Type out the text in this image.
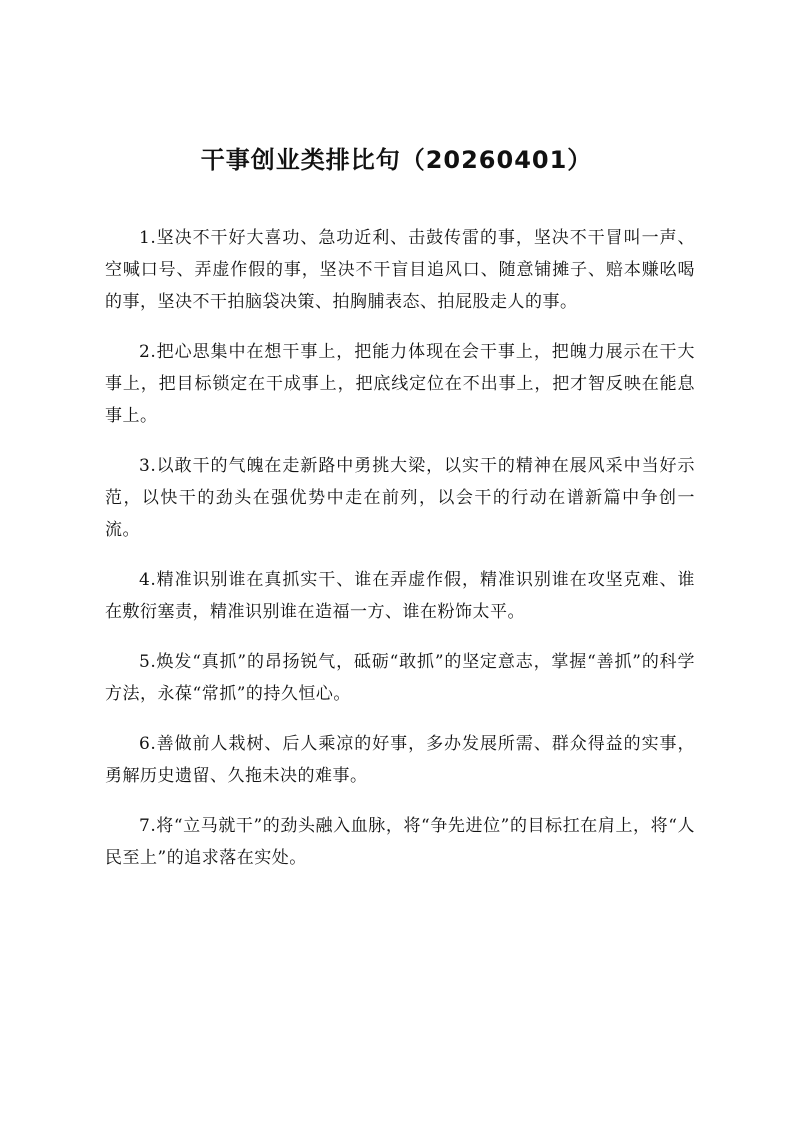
干事创业类排比句（20260401）

1.坚决不干好大喜功、急功近利、击鼓传雷的事，坚决不干冒叫一声、空喊口号、弄虚作假的事，坚决不干盲目追风口、随意铺摊子、赔本赚吆喝的事，坚决不干拍脑袋决策、拍胸脯表态、拍屁股走人的事。

2.把心思集中在想干事上，把能力体现在会干事上，把魄力展示在干大事上，把目标锁定在干成事上，把底线定位在不出事上，把才智反映在能息事上。

3.以敢干的气魄在走新路中勇挑大梁，以实干的精神在展风采中当好示范，以快干的劲头在强优势中走在前列，以会干的行动在谱新篇中争创一流。

4.精准识别谁在真抓实干、谁在弄虚作假，精准识别谁在攻坚克难、谁在敷衍塞责，精准识别谁在造福一方、谁在粉饰太平。

5.焕发“真抓”的昂扬锐气，砥砺“敢抓”的坚定意志，掌握“善抓”的科学方法，永葆“常抓”的持久恒心。

6.善做前人栽树、后人乘凉的好事，多办发展所需、群众得益的实事，勇解历史遗留、久拖未决的难事。

7.将“立马就干”的劲头融入血脉，将“争先进位”的目标扛在肩上，将“人民至上”的追求落在实处。
